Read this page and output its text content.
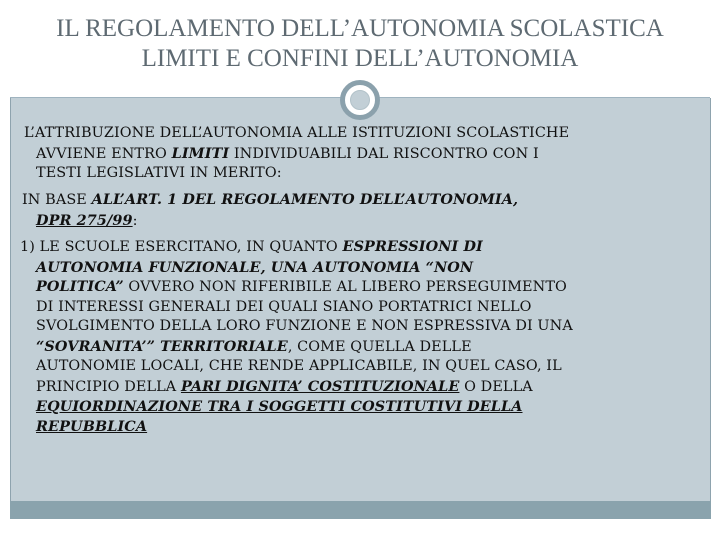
IL REGOLAMENTO DELL’AUTONOMIA SCOLASTICA
LIMITI E CONFINI DELL’AUTONOMIA
L’ATTRIBUZIONE DELL’AUTONOMIA ALLE ISTITUZIONI SCOLASTICHE
AVVIENE ENTRO LIMITI INDIVIDUABILI DAL RISCONTRO CON I
TESTI LEGISLATIVI IN MERITO:
IN BASE ALL’ART. 1 DEL REGOLAMENTO DELL’AUTONOMIA,
DPR 275/99:
1) LE SCUOLE ESERCITANO, IN QUANTO ESPRESSIONI DI
AUTONOMIA FUNZIONALE, UNA AUTONOMIA “NON
POLITICA” OVVERO NON RIFERIBILE AL LIBERO PERSEGUIMENTO
DI INTERESSI GENERALI DEI QUALI SIANO PORTATRICI NELLO
SVOLGIMENTO DELLA LORO FUNZIONE E NON ESPRESSIVA DI UNA
“SOVRANITA’” TERRITORIALE, COME QUELLA DELLE
AUTONOMIE LOCALI, CHE RENDE APPLICABILE, IN QUEL CASO, IL
PRINCIPIO DELLA PARI DIGNITA’ COSTITUZIONALE O DELLA
EQUIORDINAZIONE TRA I SOGGETTI COSTITUTIVI DELLA
REPUBBLICA
